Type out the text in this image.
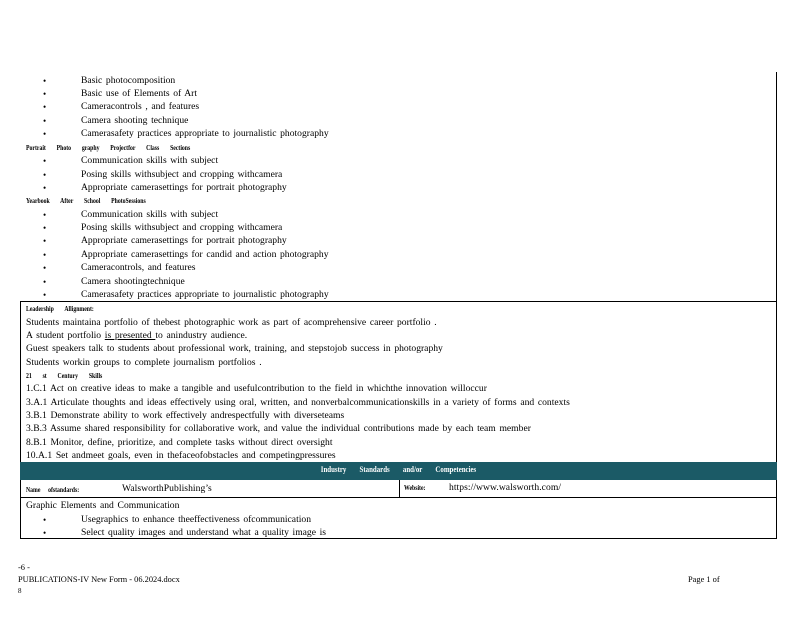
•	Basic photocomposition
•	Basic use of Elements of Art
•	Cameracontrols , and features
•	Camera shooting technique
•	Camerasafety practices appropriate to journalistic photography
Portrait Photo graphy Projectfor Class Sections
•	Communication skills with subject
•	Posing skills withsubject and cropping withcamera
•	Appropriate camerasettings for portrait photography
Yearbook After School PhotoSessions
•	Communication skills with subject
•	Posing skills withsubject and cropping withcamera
•	Appropriate camerasettings for portrait photography
•	Appropriate camerasettings for candid and action photography
•	Cameracontrols, and features
•	Camera shootingtechnique
•	Camerasafety practices appropriate to journalistic photography
Leadership Allignment:
Students maintaina portfolio of thebest photographic work as part of acomprehensive career portfolio .
A student portfolio is presented to anindustry audience.
Guest speakers talk to students about professional work, training, and stepstojob success in photography
Students workin groups to complete journalism portfolios .
21 st Century Skills
1.C.1 Act on creative ideas to make a tangible and usefulcontribution to the field in whichthe innovation willoccur
3.A.1 Articulate thoughts and ideas effectively using oral, written, and nonverbalcommunicationskills in a variety of forms and contexts
3.B.1 Demonstrate ability to work effectively andrespectfully with diverseteams
3.B.3 Assume shared responsibility for collaborative work, and value the individual contributions made by each team member
8.B.1 Monitor, define, prioritize, and complete tasks without direct oversight
10.A.1 Set andmeet goals, even in thefaceofobstacles and competingpressures
Industry Standards and/or Competencies
Name ofstandards:	WalsworthPublishing’s	Website: https://www.walsworth.com/
Graphic Elements and Communication
•	Usegraphics to enhance theeffectiveness ofcommunication
•	Select quality images and understand what a quality image is
-6 -
PUBLICATIONS-IV New Form - 06.2024.docx	Page 1 of
8
